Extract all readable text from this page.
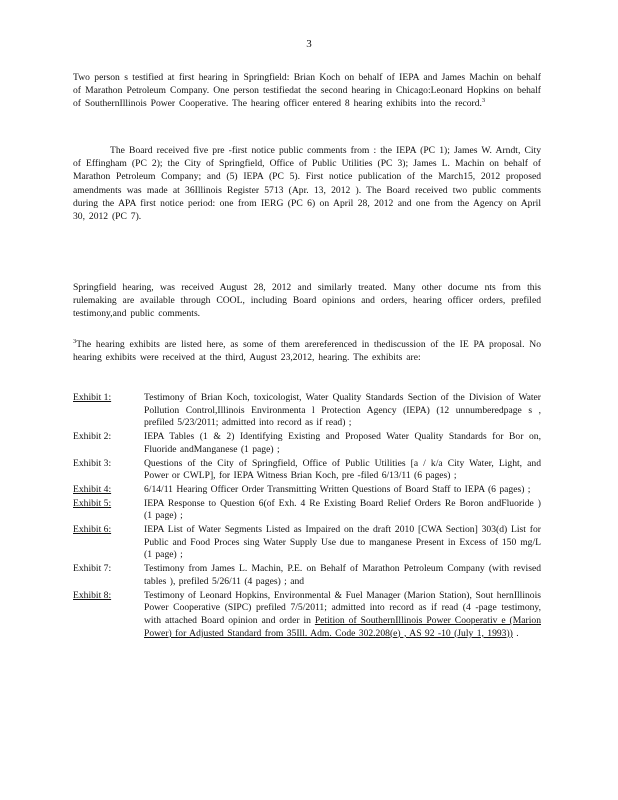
3
Two person s testified at first hearing in Springfield: Brian Koch on behalf of IEPA and James Machin on behalf of Marathon Petroleum Company. One person testifiedat the second hearing in Chicago:Leonard Hopkins on behalf of SouthernIllinois Power Cooperative. The hearing officer entered 8 hearing exhibits into the record.$^3$
The Board received five pre -first notice public comments from : the IEPA (PC 1); James W. Arndt, City of Effingham (PC 2); the City of Springfield, Office of Public Utilities (PC 3); James L. Machin on behalf of Marathon Petroleum Company; and (5) IEPA (PC 5). First notice publication of the March15, 2012 proposed amendments was made at 36Illinois Register 5713 (Apr. 13, 2012 ). The Board received two public comments during the APA first notice period: one from IERG (PC 6) on April 28, 2012 and one from the Agency on April 30, 2012 (PC 7).
Springfield hearing, was received August 28, 2012 and similarly treated. Many other docume nts from this rulemaking are available through COOL, including Board opinions and orders, hearing officer orders, prefiled testimony,and public comments.
$^3$The hearing exhibits are listed here, as some of them arereferenced in thediscussion of the IE PA proposal. No hearing exhibits were received at the third, August 23,2012, hearing. The exhibits are:
Exhibit 1:	Testimony of Brian Koch, toxicologist, Water Quality Standards Section of the Division of Water Pollution Control,Illinois Environmenta l Protection Agency (IEPA) (12 unnumberedpage s , prefiled 5/23/2011; admitted into record as if read) ;
Exhibit 2:	IEPA Tables (1 & 2) Identifying Existing and Proposed Water Quality Standards for Bor on, Fluoride andManganese (1 page) ;
Exhibit 3:	Questions of the City of Springfield, Office of Public Utilities [a / k/a City Water, Light, and Power or CWLP], for IEPA Witness Brian Koch, pre -filed 6/13/11 (6 pages) ;
Exhibit 4:	6/14/11 Hearing Officer Order Transmitting Written Questions of Board Staff to IEPA (6 pages) ;
Exhibit 5:	IEPA Response to Question 6(of Exh. 4 Re Existing Board Relief Orders Re Boron andFluoride ) (1 page) ;
Exhibit 6:	IEPA List of Water Segments Listed as Impaired on the draft 2010 [CWA Section] 303(d) List for Public and Food Proces sing Water Supply Use due to manganese Present in Excess of 150 mg/L (1 page) ;
Exhibit 7:	Testimony from James L. Machin, P.E. on Behalf of Marathon Petroleum Company (with revised tables ), prefiled 5/26/11 (4 pages) ; and
Exhibit 8:	Testimony of Leonard Hopkins, Environmental & Fuel Manager (Marion Station), Sout hernIllinois Power Cooperative (SIPC) prefiled 7/5/2011; admitted into record as if read (4 -page testimony, with attached Board opinion and order in Petition of SouthernIllinois Power Cooperativ e (Marion Power) for Adjusted Standard from 35Ill. Adm. Code 302.208(e) , AS 92 -10 (July 1, 1993)) .
